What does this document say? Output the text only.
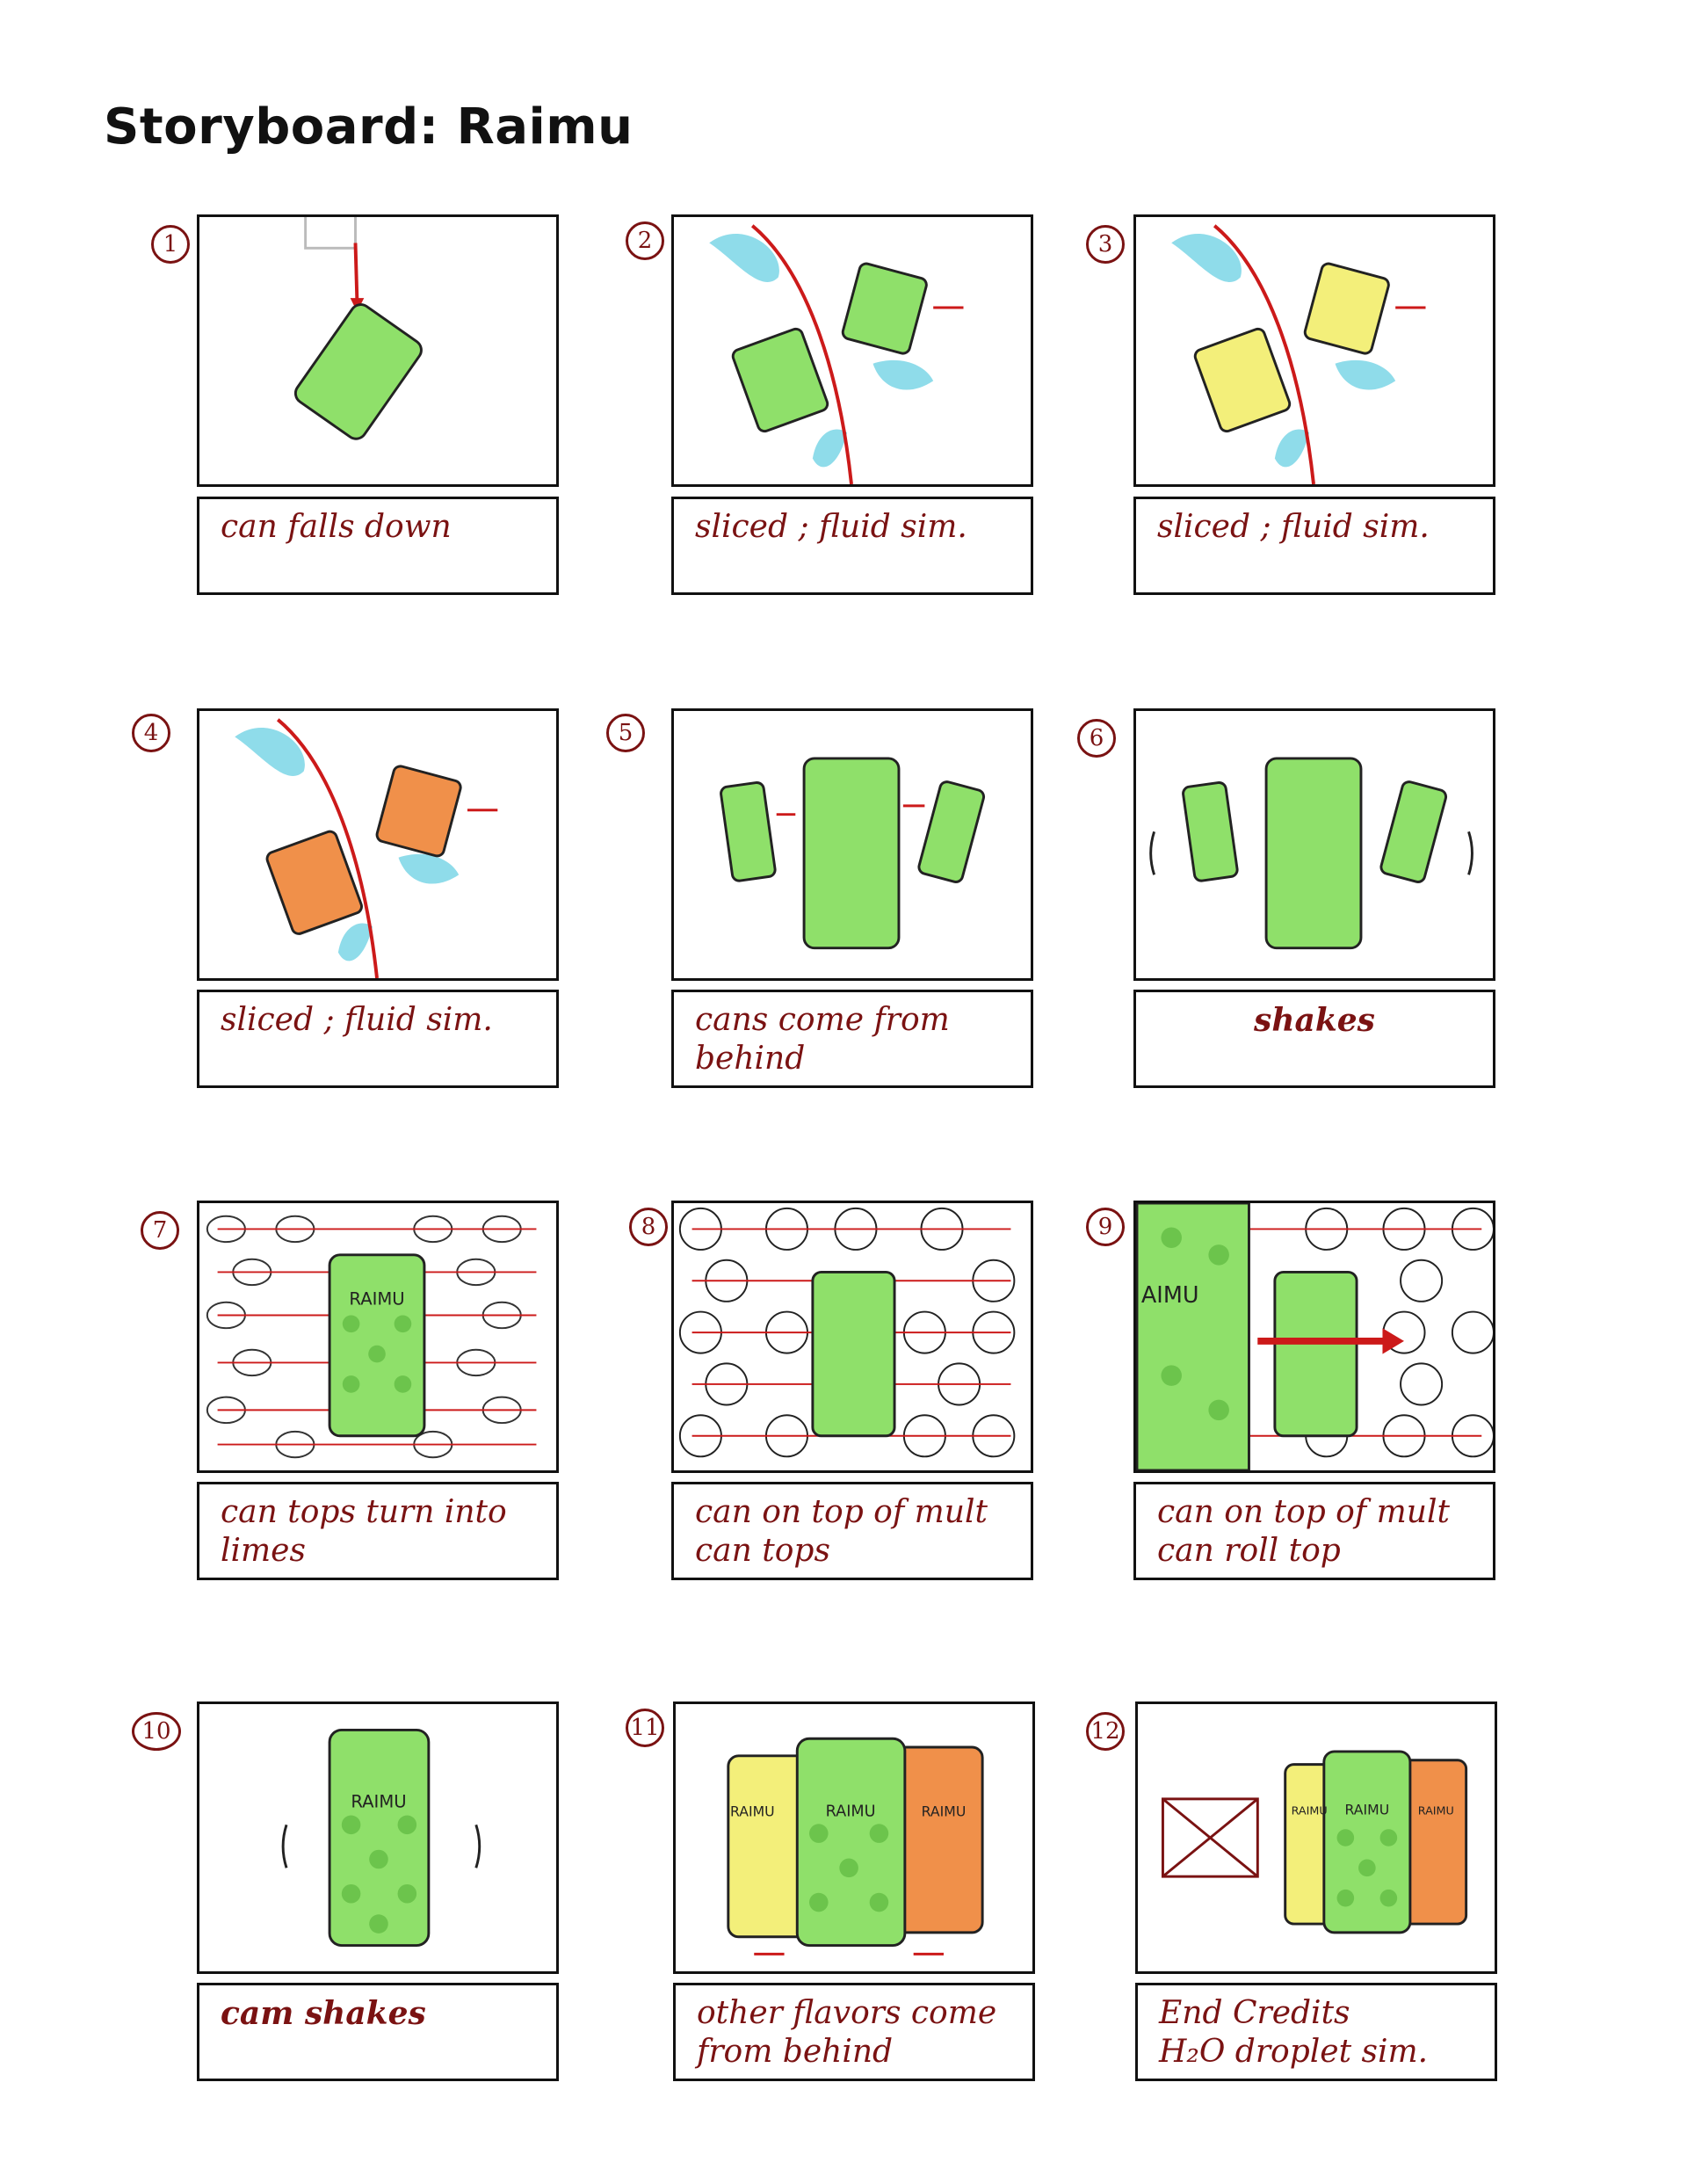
Storyboard: Raimu
1
can falls down
2
sliced ; fluid sim.
3
sliced ; fluid sim.
4
sliced ; fluid sim.
5
cans come from
behind
6
shakes
7
RAIMU
can tops turn into
limes
8
can on top of mult
can tops
9
AIMU
can on top of mult
can roll top
10
RAIMU
cam shakes
11
RAIMU	RAIMU	RAIMU
other flavors come
from behind
12
RAIMU RAIMU	RAIMU
End Credits
H₂O droplet sim.
